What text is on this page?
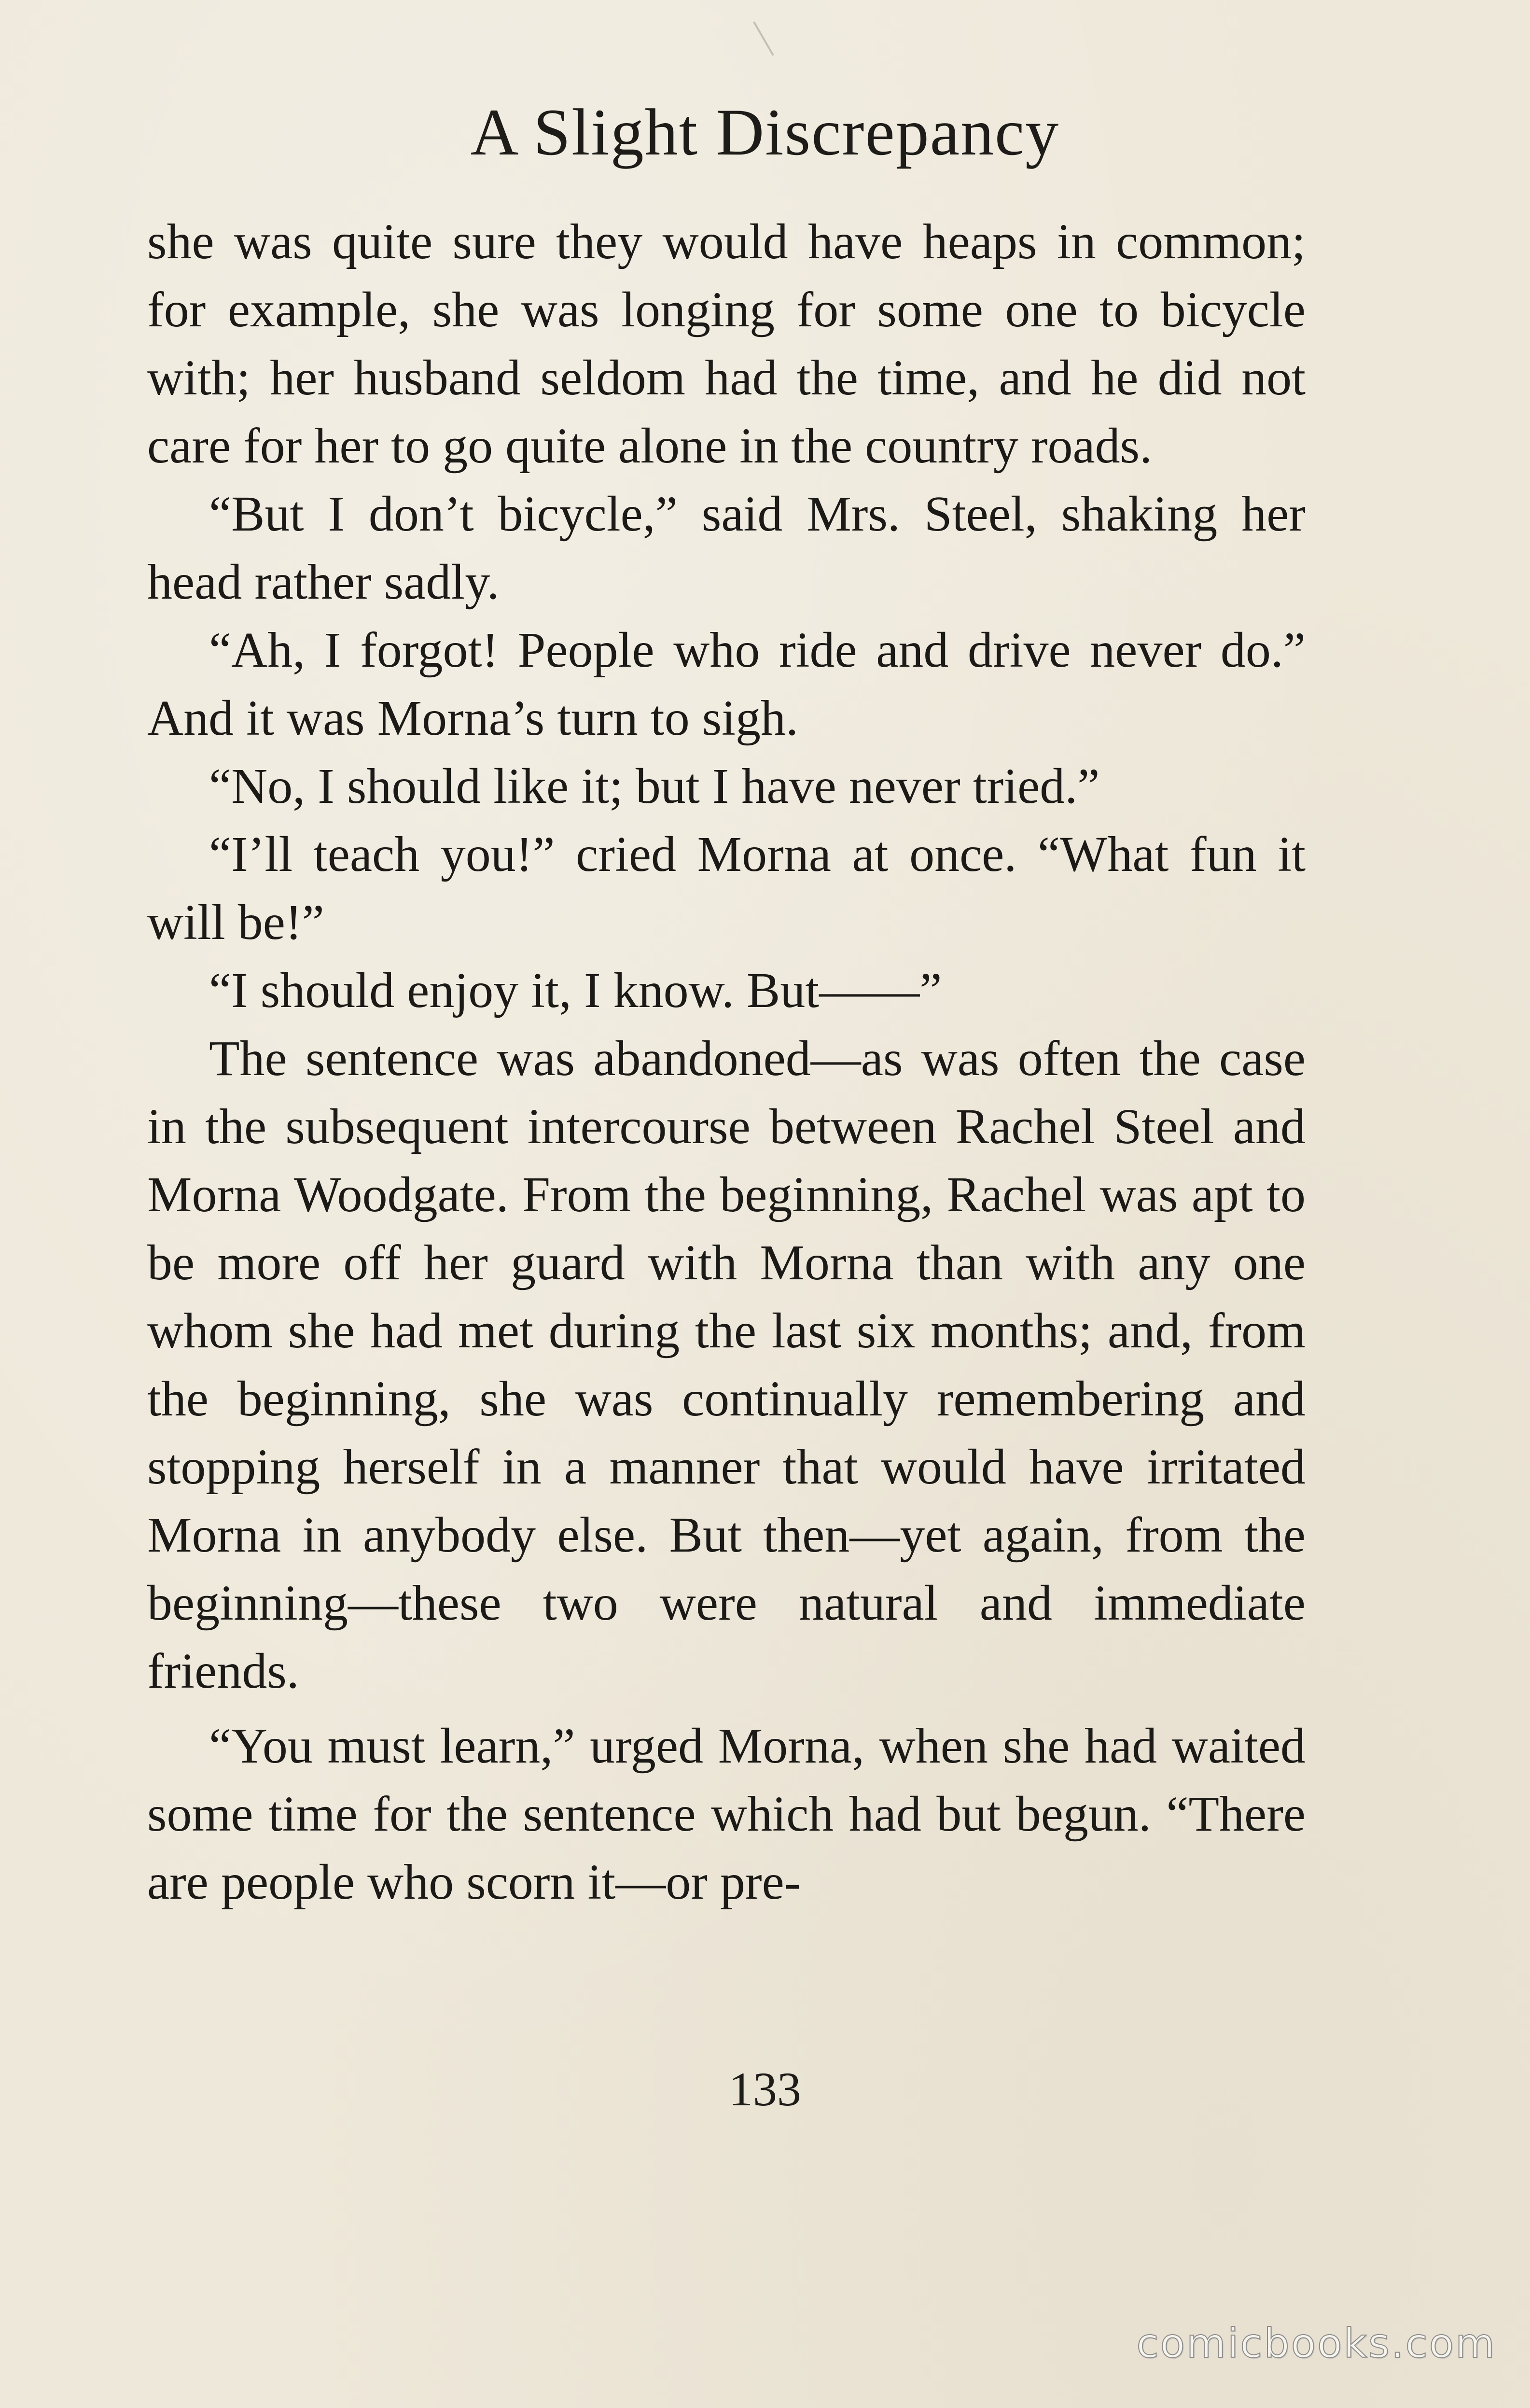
A Slight Discrepancy

she was quite sure they would have heaps in common; for example, she was longing for some one to bicycle with; her husband seldom had the time, and he did not care for her to go quite alone in the country roads.

“But I don’t bicycle,” said Mrs. Steel, shaking her head rather sadly.

“Ah, I forgot! People who ride and drive never do.” And it was Morna’s turn to sigh.

“No, I should like it; but I have never tried.”

“I’ll teach you!” cried Morna at once. “What fun it will be!”

“I should enjoy it, I know. But——”

The sentence was abandoned—as was often the case in the subsequent intercourse between Rachel Steel and Morna Woodgate. From the beginning, Rachel was apt to be more off her guard with Morna than with any one whom she had met during the last six months; and, from the beginning, she was continually remembering and stopping herself in a manner that would have irritated Morna in anybody else. But then—yet again, from the beginning—these two were natural and immediate friends.

“You must learn,” urged Morna, when she had waited some time for the sentence which had but begun. “There are people who scorn it—or pre-

133
comicbooks.com
